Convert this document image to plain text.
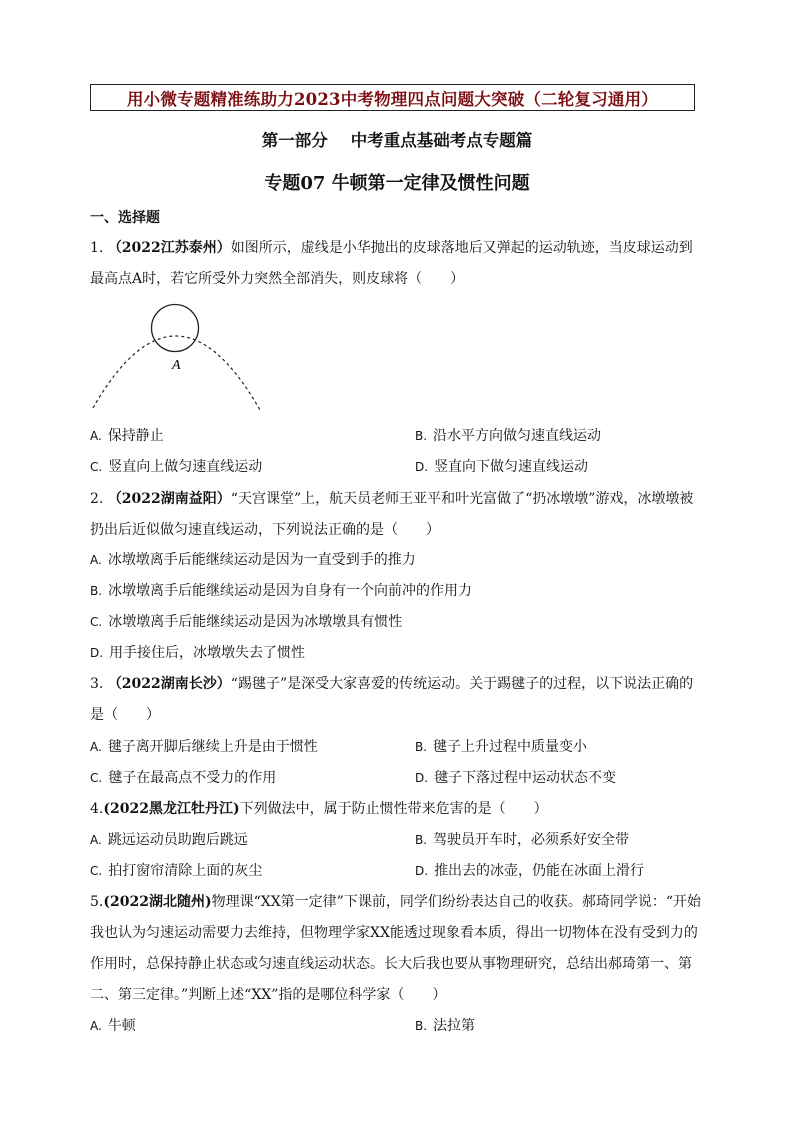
用小微专题精准练助力2023中考物理四点问题大突破（二轮复习通用）
第一部分    中考重点基础考点专题篇
专题07 牛顿第一定律及惯性问题
一、选择题
1. （2022江苏泰州）如图所示，虚线是小华抛出的皮球落地后又弹起的运动轨迹，当皮球运动到最高点A时，若它所受外力突然全部消失，则皮球将（　　）
A
A. 保持静止	B. 沿水平方向做匀速直线运动
C. 竖直向上做匀速直线运动	D. 竖直向下做匀速直线运动
2. （2022湖南益阳）“天宫课堂”上，航天员老师王亚平和叶光富做了“扔冰墩墩”游戏，冰墩墩被扔出后近似做匀速直线运动，下列说法正确的是（　　）
A. 冰墩墩离手后能继续运动是因为一直受到手的推力
B. 冰墩墩离手后能继续运动是因为自身有一个向前冲的作用力
C. 冰墩墩离手后能继续运动是因为冰墩墩具有惯性
D. 用手接住后，冰墩墩失去了惯性
3. （2022湖南长沙）“踢毽子”是深受大家喜爱的传统运动。关于踢毽子的过程，以下说法正确的是（　　）
A. 毽子离开脚后继续上升是由于惯性	B. 毽子上升过程中质量变小
C. 毽子在最高点不受力的作用	D. 毽子下落过程中运动状态不变
4.(2022黑龙江牡丹江)下列做法中，属于防止惯性带来危害的是（　　）
A. 跳远运动员助跑后跳远	B. 驾驶员开车时，必须系好安全带
C. 拍打窗帘清除上面的灰尘	D. 推出去的冰壶，仍能在冰面上滑行
5.(2022湖北随州)物理课“XX第一定律”下课前，同学们纷纷表达自己的收获。郝琦同学说：“开始我也认为匀速运动需要力去维持，但物理学家XX能透过现象看本质，得出一切物体在没有受到力的作用时，总保持静止状态或匀速直线运动状态。长大后我也要从事物理研究，总结出郝琦第一、第二、第三定律。”判断上述“XX”指的是哪位科学家（　　）
A. 牛顿	B. 法拉第
